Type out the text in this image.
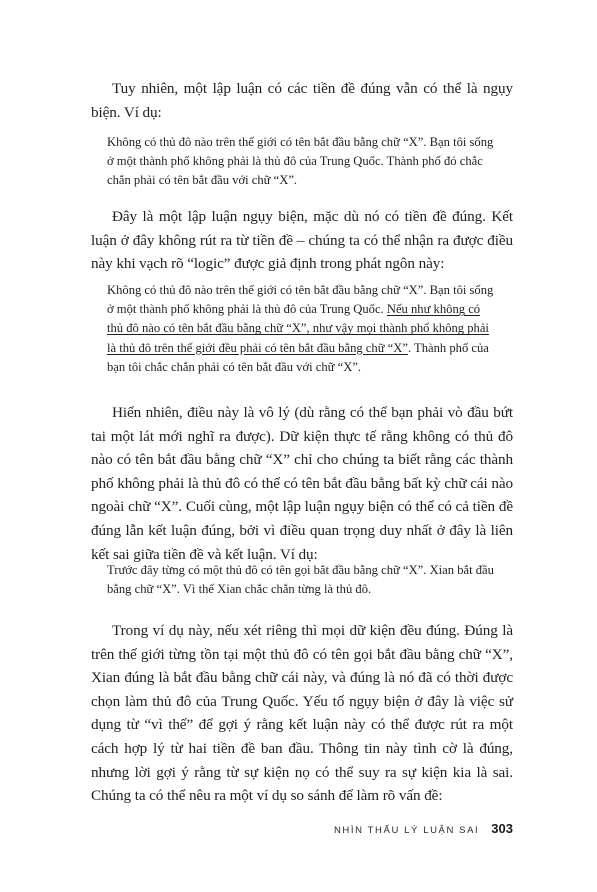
Tuy nhiên, một lập luận có các tiền đề đúng vẫn có thể là ngụy biện. Ví dụ:

Không có thủ đô nào trên thế giới có tên bắt đầu bằng chữ “X”. Bạn tôi sống ở một thành phố không phải là thủ đô của Trung Quốc. Thành phố đó chắc chắn phải có tên bắt đầu với chữ “X”.

Đây là một lập luận ngụy biện, mặc dù nó có tiền đề đúng. Kết luận ở đây không rút ra từ tiền đề – chúng ta có thể nhận ra được điều này khi vạch rõ “logic” được giả định trong phát ngôn này:

Không có thủ đô nào trên thế giới có tên bắt đầu bằng chữ “X”. Bạn tôi sống ở một thành phố không phải là thủ đô của Trung Quốc. Nếu như không có thủ đô nào có tên bắt đầu bằng chữ “X”, như vậy mọi thành phố không phải là thủ đô trên thế giới đều phải có tên bắt đầu bằng chữ “X”. Thành phố của bạn tôi chắc chắn phải có tên bắt đầu với chữ “X”.

Hiển nhiên, điều này là vô lý (dù rằng có thể bạn phải vò đầu bứt tai một lát mới nghĩ ra được). Dữ kiện thực tế rằng không có thủ đô nào có tên bắt đầu bằng chữ “X” chỉ cho chúng ta biết rằng các thành phố không phải là thủ đô có thể có tên bắt đầu bằng bất kỳ chữ cái nào ngoài chữ “X”. Cuối cùng, một lập luận ngụy biện có thể có cả tiền đề đúng lẫn kết luận đúng, bởi vì điều quan trọng duy nhất ở đây là liên kết sai giữa tiền đề và kết luận. Ví dụ:

Trước đây từng có một thủ đô có tên gọi bắt đầu bằng chữ “X”. Xian bắt đầu bằng chữ “X”. Vì thế Xian chắc chắn từng là thủ đô.

Trong ví dụ này, nếu xét riêng thì mọi dữ kiện đều đúng. Đúng là trên thế giới từng tồn tại một thủ đô có tên gọi bắt đầu bằng chữ “X”, Xian đúng là bắt đầu bằng chữ cái này, và đúng là nó đã có thời được chọn làm thủ đô của Trung Quốc. Yếu tố ngụy biện ở đây là việc sử dụng từ “vì thế” để gợi ý rằng kết luận này có thể được rút ra một cách hợp lý từ hai tiền đề ban đầu. Thông tin này tình cờ là đúng, nhưng lời gợi ý rằng từ sự kiện nọ có thể suy ra sự kiện kia là sai. Chúng ta có thể nêu ra một ví dụ so sánh để làm rõ vấn đề:

NHÌN THẤU LÝ LUẬN SAI 303
